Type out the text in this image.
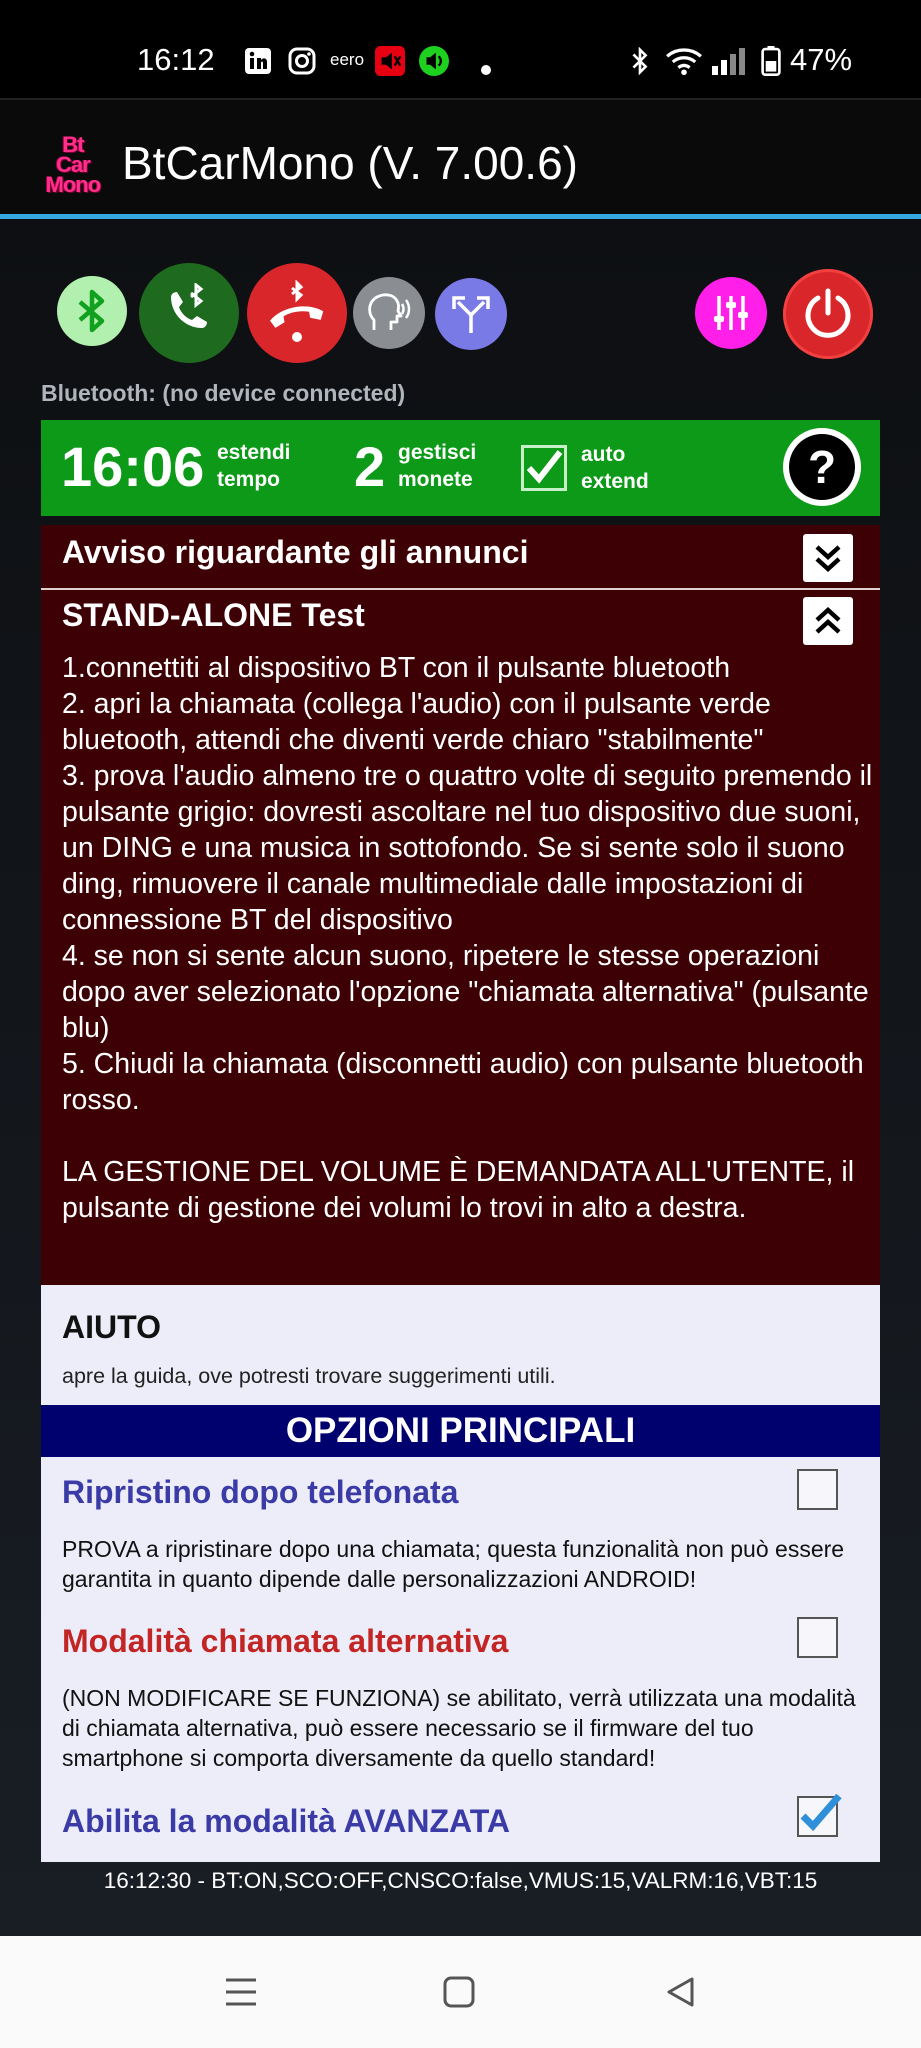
16:12	eero	47%
Bt
Car
Mono BtCarMono (V. 7.00.6)
Bluetooth: (no device connected)
16:06 estendi
tempo 2 gestisci
monete
auto
extend	?
Avviso riguardante gli annunci
STAND-ALONE Test
1.connettiti al dispositivo BT con il pulsante bluetooth
2. apri la chiamata (collega l'audio) con il pulsante verde bluetooth, attendi che diventi verde chiaro "stabilmente"
3. prova l'audio almeno tre o quattro volte di seguito premendo il pulsante grigio: dovresti ascoltare nel tuo dispositivo due suoni, un DING e una musica in sottofondo. Se si sente solo il suono ding, rimuovere il canale multimediale dalle impostazioni di connessione BT del dispositivo
4. se non si sente alcun suono, ripetere le stesse operazioni dopo aver selezionato l'opzione "chiamata alternativa" (pulsante blu)
5. Chiudi la chiamata (disconnetti audio) con pulsante bluetooth rosso.

LA GESTIONE DEL VOLUME È DEMANDATA ALL'UTENTE, il pulsante di gestione dei volumi lo trovi in alto a destra.
AIUTO
apre la guida, ove potresti trovare suggerimenti utili.
OPZIONI PRINCIPALI
Ripristino dopo telefonata
PROVA a ripristinare dopo una chiamata; questa funzionalità non può essere garantita in quanto dipende dalle personalizzazioni ANDROID!
Modalità chiamata alternativa
(NON MODIFICARE SE FUNZIONA) se abilitato, verrà utilizzata una modalità di chiamata alternativa, può essere necessario se il firmware del tuo smartphone si comporta diversamente da quello standard!
Abilita la modalità AVANZATA
16:12:30 - BT:ON,SCO:OFF,CNSCO:false,VMUS:15,VALRM:16,VBT:15
